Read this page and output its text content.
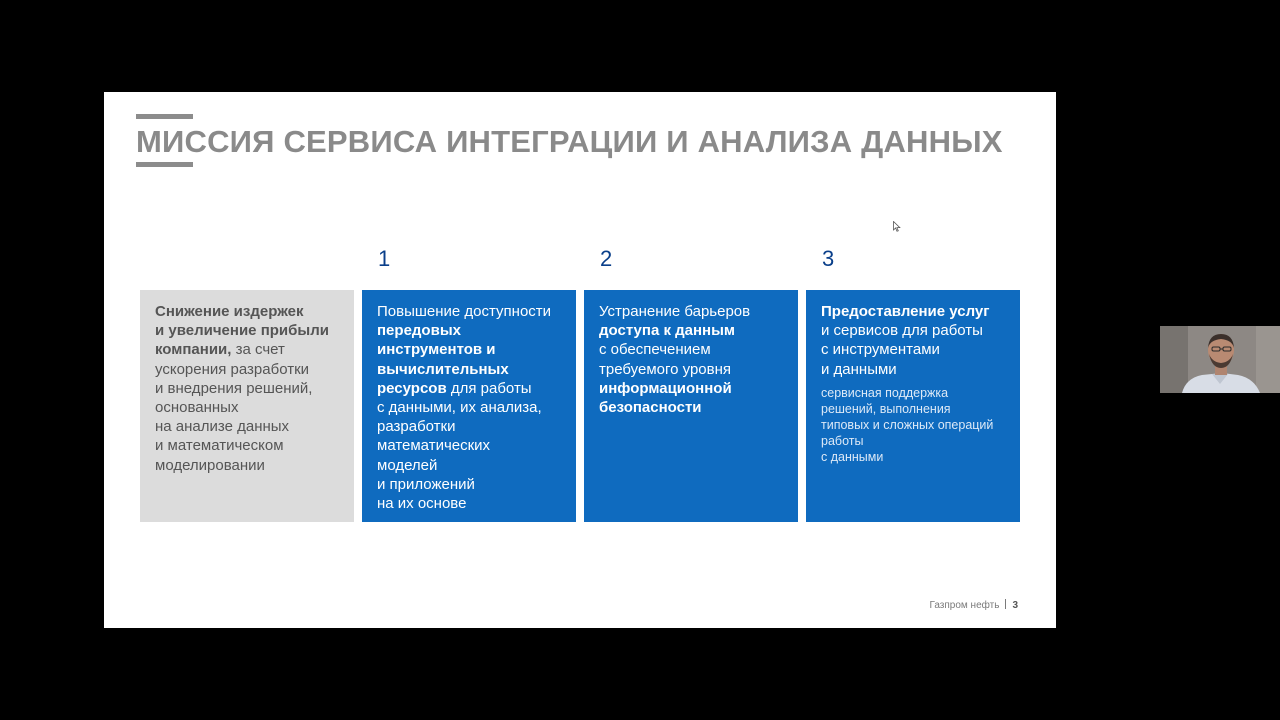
МИССИЯ СЕРВИСА ИНТЕГРАЦИИ И АНАЛИЗА ДАННЫХ
1	2	3
Снижение издержек
и увеличение прибыли
компании, за счет
ускорения разработки
и внедрения решений,
основанных
на анализе данных
и математическом
моделировании
Повышение доступности
передовых
инструментов и
вычислительных
ресурсов для работы
с данными, их анализа,
разработки
математических
моделей
и приложений
на их основе
Устранение барьеров
доступа к данным
с обеспечением
требуемого уровня
информационной
безопасности
Предоставление услуг
и сервисов для работы
с инструментами
и данными
сервисная поддержка
решений, выполнения
типовых и сложных операций
работы
с данными
Газпром нефть 3
